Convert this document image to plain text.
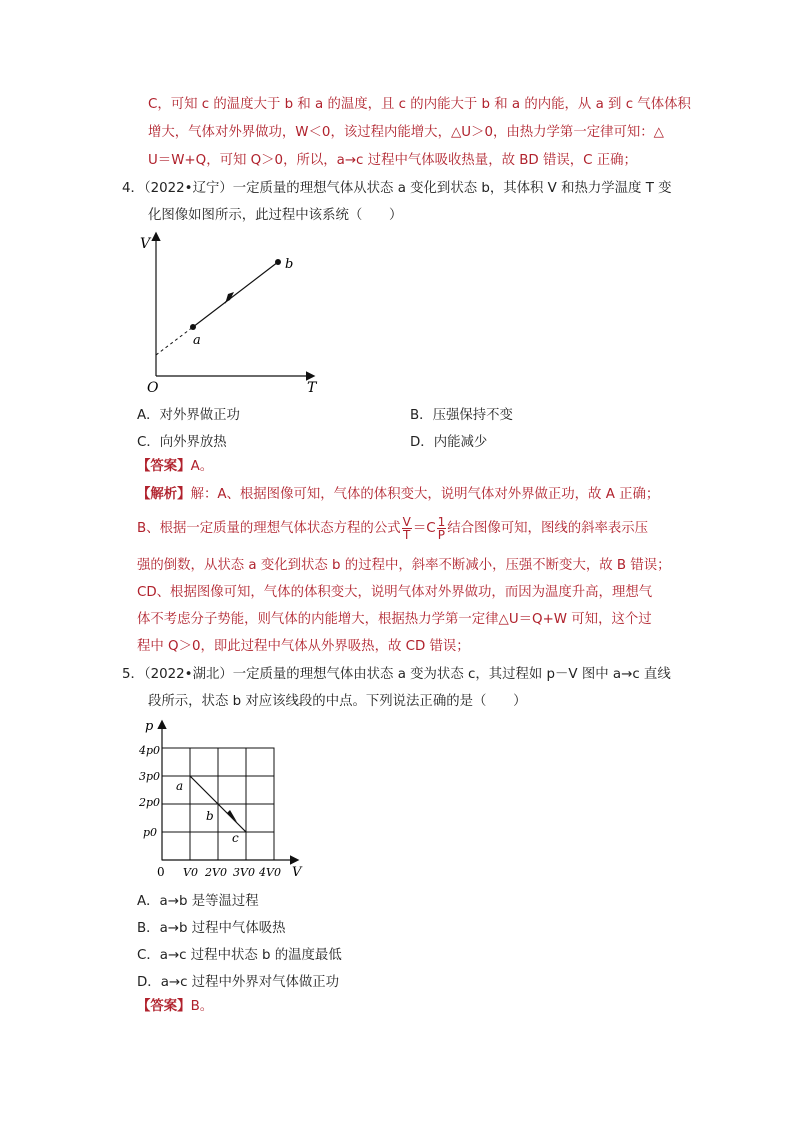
C，可知 c 的温度大于 b 和 a 的温度，且 c 的内能大于 b 和 a 的内能，从 a 到 c 气体体积
增大，气体对外界做功，W＜0，该过程内能增大，△U＞0，由热力学第一定律可知：△
U＝W+Q，可知 Q＞0，所以，a→c 过程中气体吸收热量，故 BD 错误，C 正确；
4．（2022•辽宁）一定质量的理想气体从状态 a 变化到状态 b，其体积 V 和热力学温度 T 变
化图像如图所示，此过程中该系统（　　）
V
T
O
a
b
A．对外界做正功	B．压强保持不变
C．向外界放热	D．内能减少
【答案】A。
【解析】解：A、根据图像可知，气体的体积变大，说明气体对外界做正功，故 A 正确；
B、根据一定质量的理想气体状态方程的公式 $\frac{V}{T} =C \frac{1}{P}$ 结合图像可知，图线的斜率表示压
强的倒数，从状态 a 变化到状态 b 的过程中，斜率不断减小，压强不断变大，故 B 错误；
CD、根据图像可知，气体的体积变大，说明气体对外界做功，而因为温度升高，理想气
体不考虑分子势能，则气体的内能增大，根据热力学第一定律△U＝Q+W 可知，这个过
程中 Q＞0，即此过程中气体从外界吸热，故 CD 错误；
5．（2022•湖北）一定质量的理想气体由状态 a 变为状态 c，其过程如 p－V 图中 a→c 直线
段所示，状态 b 对应该线段的中点。下列说法正确的是（　　）
p
V
0
4p0
3p0
2p0
p0
V0 2V0 3V0 4V0
a
b
c
A．a→b 是等温过程
B．a→b 过程中气体吸热
C．a→c 过程中状态 b 的温度最低
D．a→c 过程中外界对气体做正功
【答案】B。
